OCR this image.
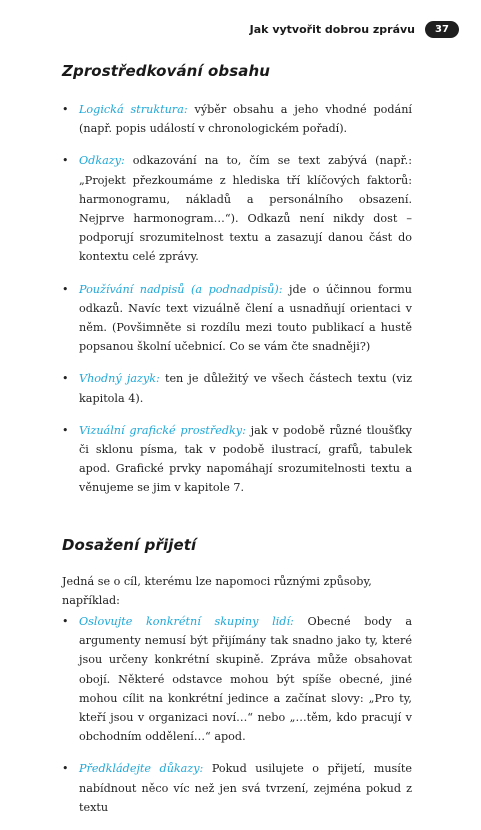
Jak vytvořit dobrou zprávu	37
Zprostředkování obsahu
• Logická struktura: výběr obsahu a jeho vhodné podání (např. popis událostí v chronologickém pořadí).
• Odkazy: odkazování na to, čím se text zabývá (např.: „Projekt přezkoumáme z hlediska tří klíčových faktorů: harmonogramu, nákladů a personálního obsazení. Nejprve harmonogram…“). Odkazů není nikdy dost – podporují srozumitelnost textu a zasazují danou část do kontextu celé zprávy.
• Používání nadpisů (a podnadpisů): jde o účinnou formu odkazů. Navíc text vizuálně člení a usnadňují orientaci v něm. (Povšimněte si rozdílu mezi touto publikací a hustě popsanou školní učebnicí. Co se vám čte snadněji?)
• Vhodný jazyk: ten je důležitý ve všech částech textu (viz kapitola 4).
• Vizuální grafické prostředky: jak v podobě různé tloušťky či sklonu písma, tak v podobě ilustrací, grafů, tabulek apod. Grafické prvky napomáhají srozumitelnosti textu a věnujeme se jim v kapitole 7.
Dosažení přijetí

Jedná se o cíl, kterému lze napomoci různými způsoby, například:

• Oslovujte konkrétní skupiny lidí: Obecné body a argumenty nemusí být přijímány tak snadno jako ty, které jsou určeny konkrétní skupině. Zpráva může obsahovat obojí. Některé odstavce mohou být spíše obecné, jiné mohou cílit na konkrétní jedince a začínat slovy: „Pro ty, kteří jsou v organizaci noví…“ nebo „…těm, kdo pracují v obchodním oddělení…“ apod.
• Předkládejte důkazy: Pokud usilujete o přijetí, musíte nabídnout něco víc než jen svá tvrzení, zejména pokud z textu
